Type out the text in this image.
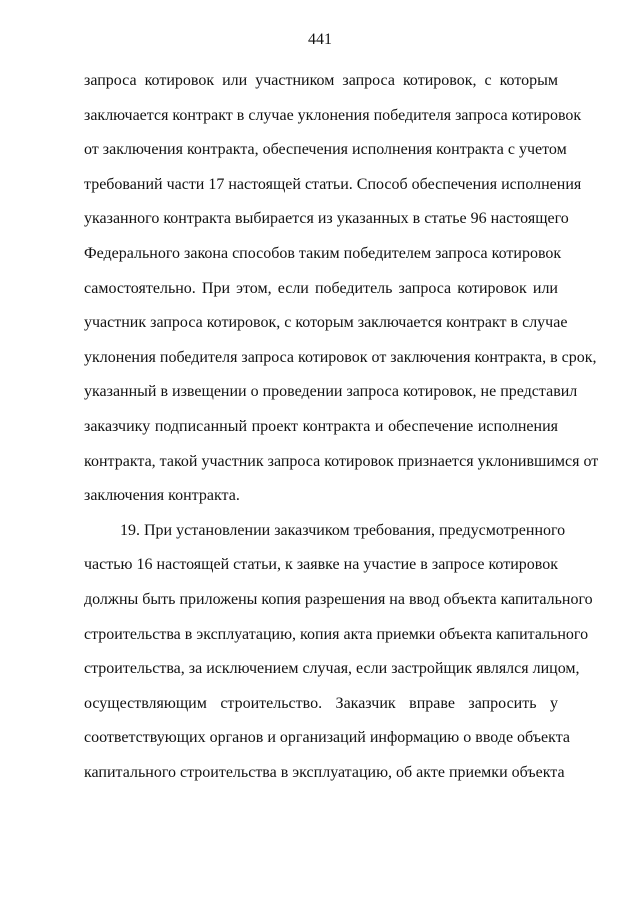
441
запроса котировок или участником запроса котировок, с которым
заключается контракт в случае уклонения победителя запроса котировок
от заключения контракта, обеспечения исполнения контракта с учетом
требований части 17 настоящей статьи. Способ обеспечения исполнения
указанного контракта выбирается из указанных в статье 96 настоящего
Федерального закона способов таким победителем запроса котировок
самостоятельно. При этом, если победитель запроса котировок или
участник запроса котировок, с которым заключается контракт в случае
уклонения победителя запроса котировок от заключения контракта, в срок,
указанный в извещении о проведении запроса котировок, не представил
заказчику подписанный проект контракта и обеспечение исполнения
контракта, такой участник запроса котировок признается уклонившимся от
заключения контракта.
19. При установлении заказчиком требования, предусмотренного
частью 16 настоящей статьи, к заявке на участие в запросе котировок
должны быть приложены копия разрешения на ввод объекта капитального
строительства в эксплуатацию, копия акта приемки объекта капитального
строительства, за исключением случая, если застройщик являлся лицом,
осуществляющим строительство. Заказчик вправе запросить у
соответствующих органов и организаций информацию о вводе объекта
капитального строительства в эксплуатацию, об акте приемки объекта
